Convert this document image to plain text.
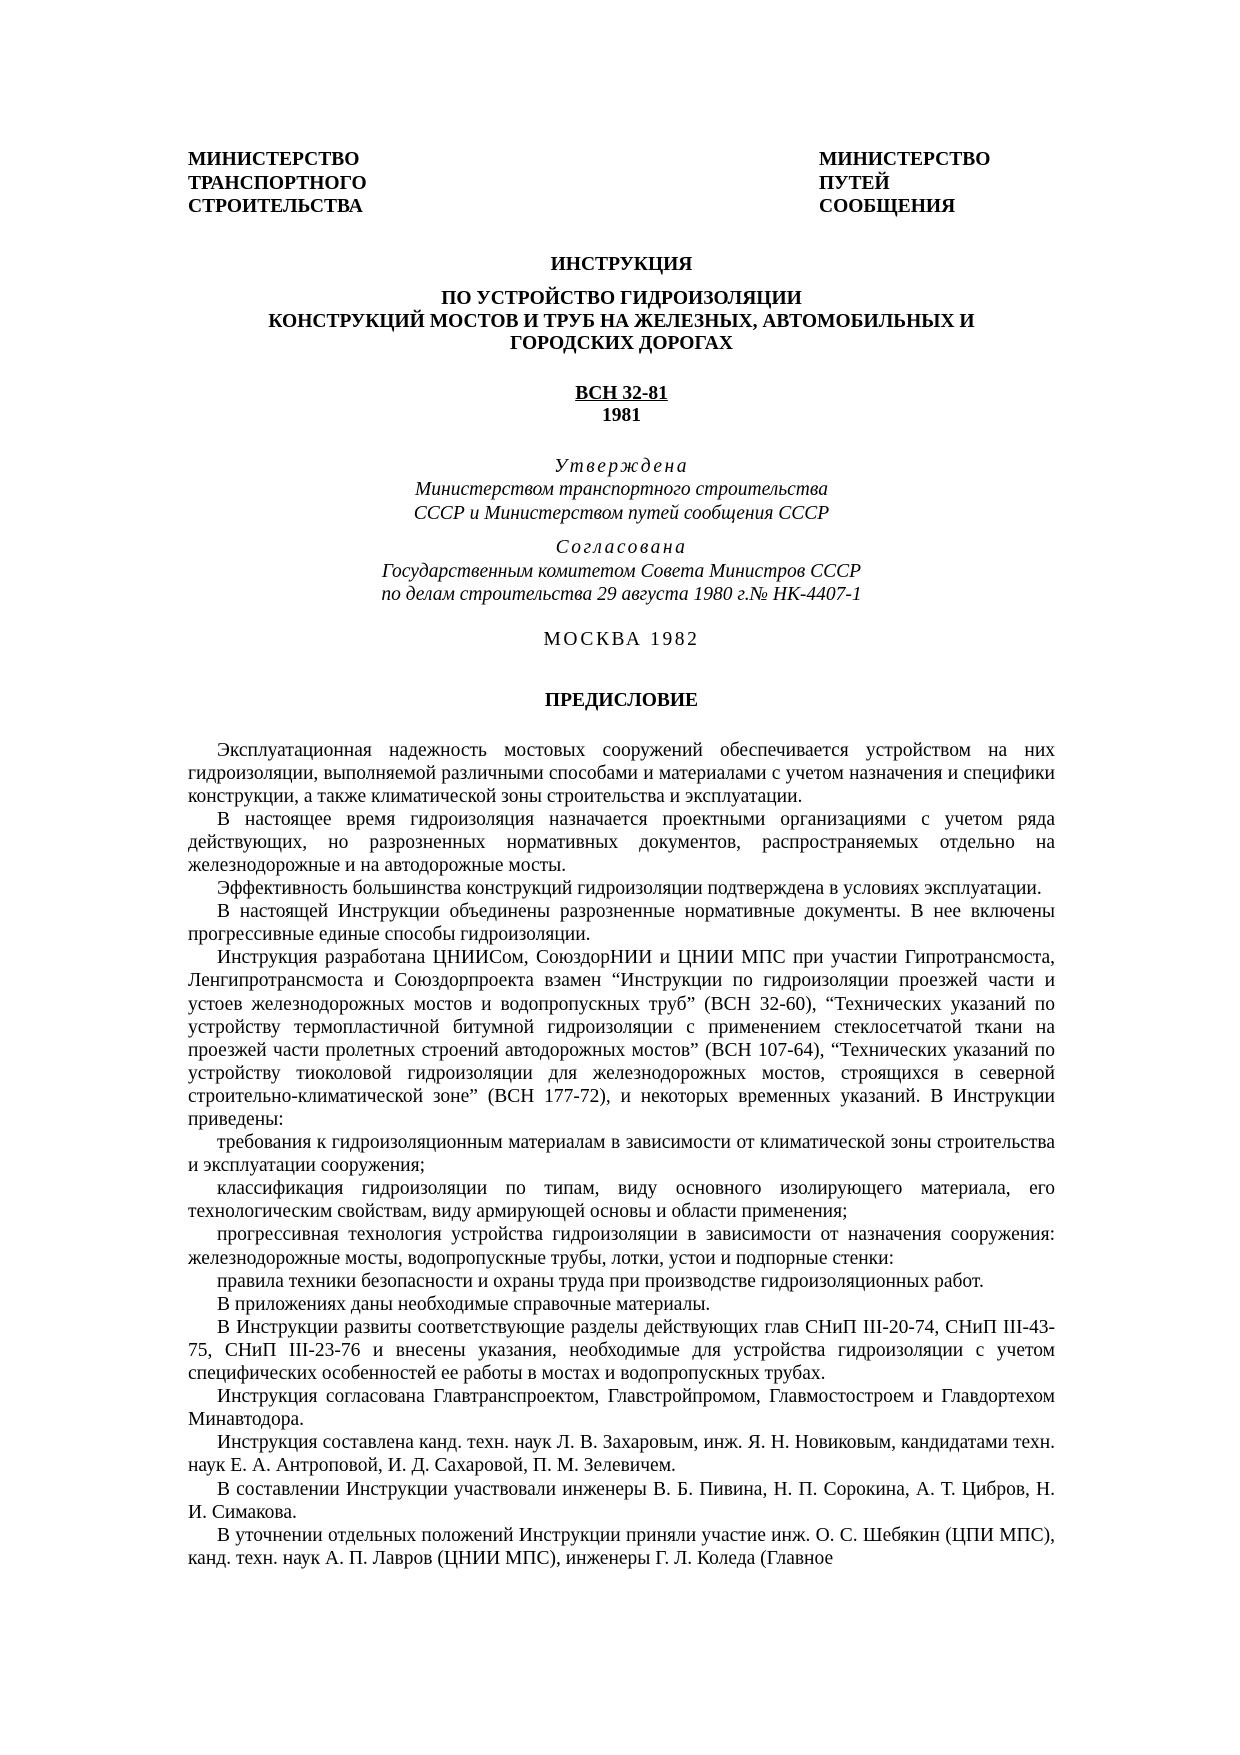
МИНИСТЕРСТВО
ТРАНСПОРТНОГО
СТРОИТЕЛЬСТВА
МИНИСТЕРСТВО
ПУТЕЙ
СООБЩЕНИЯ
ИНСТРУКЦИЯ
ПО УСТРОЙСТВО ГИДРОИЗОЛЯЦИИ
КОНСТРУКЦИЙ МОСТОВ И ТРУБ НА ЖЕЛЕЗНЫХ, АВТОМОБИЛЬНЫХ И
ГОРОДСКИХ ДОРОГАХ
ВСН 32-81
1981
Утверждена
Министерством транспортного строительства
СССР и Министерством путей сообщения СССР
Согласована
Государственным комитетом Совета Министров СССР
по делам строительства 29 августа 1980 г.№ НК-4407-1
МОСКВА 1982
ПРЕДИСЛОВИЕ

Эксплуатационная надежность мостовых сооружений обеспечивается устройством на них гидроизоляции, выполняемой различными способами и материалами с учетом назначения и специфики конструкции, а также климатической зоны строительства и эксплуатации.

В настоящее время гидроизоляция назначается проектными организациями с учетом ряда действующих, но разрозненных нормативных документов, распространяемых отдельно на железнодорожные и на автодорожные мосты.

Эффективность большинства конструкций гидроизоляции подтверждена в условиях эксплуатации.

В настоящей Инструкции объединены разрозненные нормативные документы. В нее включены прогрессивные единые способы гидроизоляции.

Инструкция разработана ЦНИИСом, СоюздорНИИ и ЦНИИ МПС при участии Гипротрансмоста, Ленгипротрансмоста и Союздорпроекта взамен “Инструкции по гидроизоляции проезжей части и устоев железнодорожных мостов и водопропускных труб” (ВСН 32-60), “Технических указаний по устройству термопластичной битумной гидроизоляции с применением стеклосетчатой ткани на проезжей части пролетных строений автодорожных мостов” (ВСН 107-64), “Технических указаний по устройству тиоколовой гидроизоляции для железнодорожных мостов, строящихся в северной строительно-климатической зоне” (ВСН 177-72), и некоторых временных указаний. В Инструкции приведены:

требования к гидроизоляционным материалам в зависимости от климатической зоны строительства и эксплуатации сооружения;

классификация гидроизоляции по типам, виду основного изолирующего материала, его технологическим свойствам, виду армирующей основы и области применения;

прогрессивная технология устройства гидроизоляции в зависимости от назначения сооружения: железнодорожные мосты, водопропускные трубы, лотки, устои и подпорные стенки:

правила техники безопасности и охраны труда при производстве гидроизоляционных работ.

В приложениях даны необходимые справочные материалы.

В Инструкции развиты соответствующие разделы действующих глав СНиП III-20-74, СНиП III-43-75, СНиП III-23-76 и внесены указания, необходимые для устройства гидроизоляции с учетом специфических особенностей ее работы в мостах и водопропускных трубах.

Инструкция согласована Главтранспроектом, Главстройпромом, Главмостостроем и Главдортехом Минавтодора.

Инструкция составлена канд. техн. наук Л. В. Захаровым, инж. Я. Н. Новиковым, кандидатами техн. наук Е. А. Антроповой, И. Д. Сахаровой, П. М. Зелевичем.

В составлении Инструкции участвовали инженеры В. Б. Пивина, Н. П. Сорокина, А. Т. Цибров, Н. И. Симакова.

В уточнении отдельных положений Инструкции приняли участие инж. О. С. Шебякин (ЦПИ МПС), канд. техн. наук А. П. Лавров (ЦНИИ МПС), инженеры Г. Л. Коледа (Главное
